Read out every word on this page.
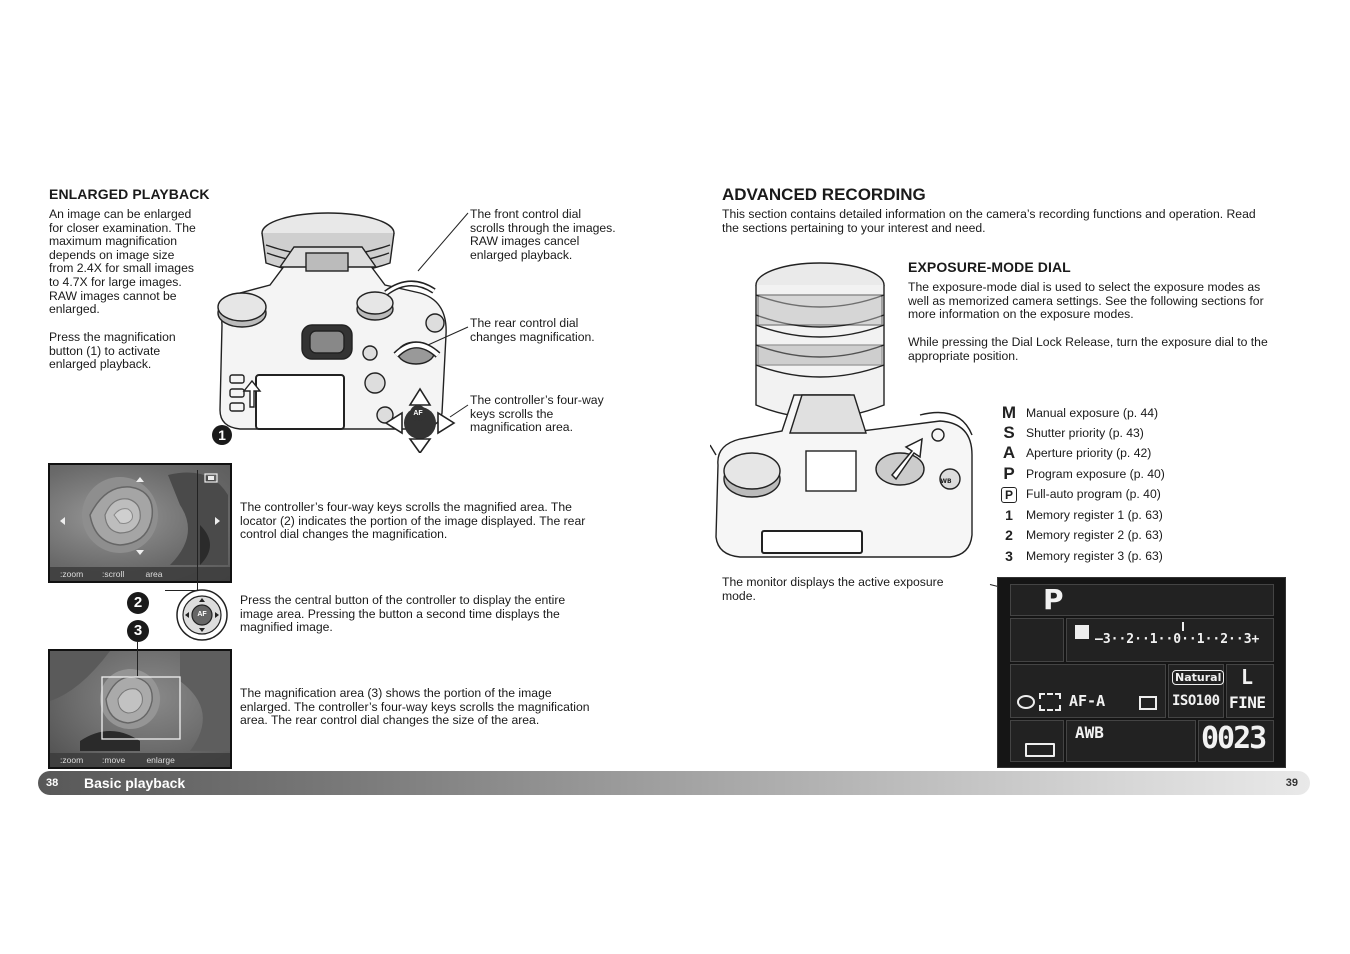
ENLARGED PLAYBACK
An image can be enlarged
for closer examination. The
maximum magnification
depends on image size
from 2.4X for small images
to 4.7X for large images.
RAW images cannot be
enlarged.
Press the magnification
button (1) to activate
enlarged playback.
AF
1
The front control dial
scrolls through the images.
RAW images cancel
enlarged playback.
The rear control dial
changes magnification.
The controller’s four-way
keys scrolls the
magnification area.
:zoom        :scroll         area
2
3
AF
:zoom        :move         enlarge
The controller’s four-way keys scrolls the magnified area. The
locator (2) indicates the portion of the image displayed. The rear
control dial changes the magnification.
Press the central button of the controller to display the entire
image area. Pressing the button a second time displays the
magnified image.
The magnification area (3) shows the portion of the image
enlarged. The controller’s four-way keys scrolls the magnification
area. The rear control dial changes the size of the area.
ADVANCED RECORDING
This section contains detailed information on the camera’s recording functions and operation. Read
the sections pertaining to your interest and need.
EXPOSURE-MODE DIAL
The exposure-mode dial is used to select the exposure modes as
well as memorized camera settings. See the following sections for
more information on the exposure modes.
While pressing the Dial Lock Release, turn the exposure dial to the
appropriate position.
WB
M Manual exposure (p. 44)
S Shutter priority (p. 43)
A Aperture priority (p. 42)
P Program exposure (p. 40)
P	Full-auto program (p. 40)
1	Memory register 1 (p. 63)
2	Memory register 2 (p. 63)
3	Memory register 3 (p. 63)
The monitor displays the active exposure
mode.	P
–3··2··1··0··1··2··3+
AF-A
Natural
ISO100
L
FINE
AWB	0023
38 Basic playback	39
